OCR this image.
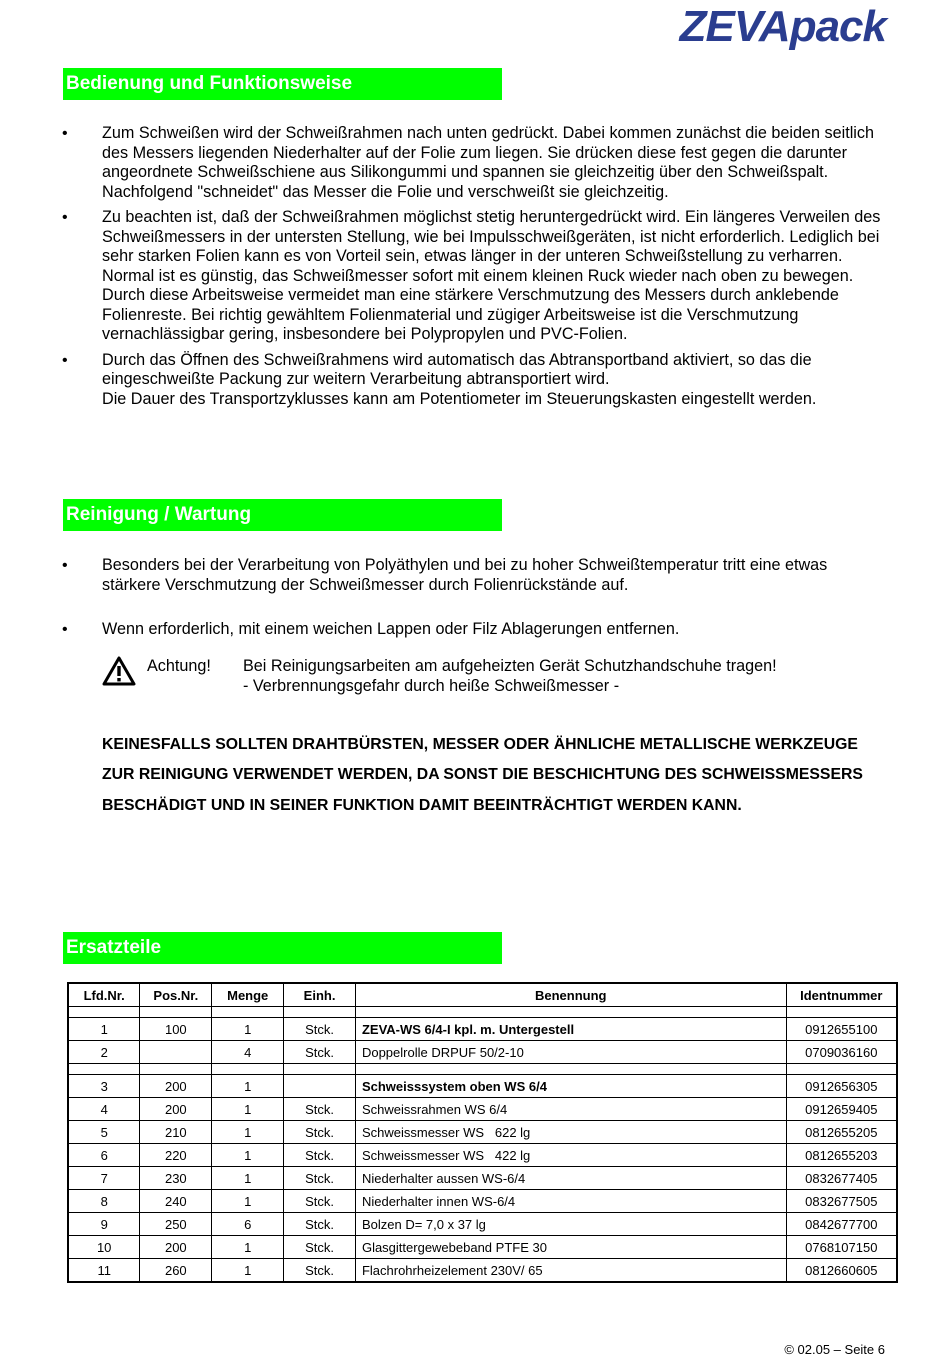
ZEVApack
Bedienung und Funktionsweise
• Zum Schweißen wird der Schweißrahmen nach unten gedrückt. Dabei kommen zunächst die beiden seitlich des Messers liegenden Niederhalter auf der Folie zum liegen. Sie drücken diese fest gegen die darunter angeordnete Schweißschiene aus Silikongummi und spannen sie gleichzeitig über den Schweißspalt. Nachfolgend "schneidet" das Messer die Folie und verschweißt sie gleichzeitig.
• Zu beachten ist, daß der Schweißrahmen möglichst stetig heruntergedrückt wird. Ein längeres Verweilen des Schweißmessers in der untersten Stellung, wie bei Impulsschweißgeräten, ist nicht erforderlich. Lediglich bei sehr starken Folien kann es von Vorteil sein, etwas länger in der unteren Schweißstellung zu verharren. Normal ist es günstig, das Schweißmesser sofort mit einem kleinen Ruck wieder nach oben zu bewegen. Durch diese Arbeitsweise vermeidet man eine stärkere Verschmutzung des Messers durch anklebende Folienreste. Bei richtig gewähltem Folienmaterial und zügiger Arbeitsweise ist die Verschmutzung vernachlässigbar gering, insbesondere bei Polypropylen und PVC-Folien.
• Durch das Öffnen des Schweißrahmens wird automatisch das Abtransportband aktiviert, so das die eingeschweißte Packung zur weitern Verarbeitung abtransportiert wird.
Die Dauer des Transportzyklusses kann am Potentiometer im Steuerungskasten eingestellt werden.
Reinigung / Wartung
• Besonders bei der Verarbeitung von Polyäthylen und bei zu hoher Schweißtemperatur tritt eine etwas stärkere Verschmutzung der Schweißmesser durch Folienrückstände auf.
• Wenn erforderlich, mit einem weichen Lappen oder Filz Ablagerungen entfernen.
Achtung! Bei Reinigungsarbeiten am aufgeheizten Gerät Schutzhandschuhe tragen!
- Verbrennungsgefahr durch heiße Schweißmesser -
KEINESFALLS SOLLTEN DRAHTBÜRSTEN, MESSER ODER ÄHNLICHE METALLISCHE WERKZEUGE ZUR REINIGUNG VERWENDET WERDEN, DA SONST DIE BESCHICHTUNG DES SCHWEISSMESSERS BESCHÄDIGT UND IN SEINER FUNKTION DAMIT BEEINTRÄCHTIGT WERDEN KANN.
Ersatzteile
Lfd.Nr.	Pos.Nr.	Menge	Einh.	Benennung	Identnummer

1	100	1	Stck.	ZEVA-WS 6/4-I kpl. m. Untergestell	0912655100
2		4	Stck.	Doppelrolle DRPUF 50/2-10	0709036160

3	200	1		Schweisssystem oben WS 6/4	0912656305
4	200	1	Stck.	Schweissrahmen WS 6/4	0912659405
5	210	1	Stck.	Schweissmesser WS   622 lg	0812655205
6	220	1	Stck.	Schweissmesser WS   422 lg	0812655203
7	230	1	Stck.	Niederhalter aussen WS-6/4	0832677405
8	240	1	Stck.	Niederhalter innen WS-6/4	0832677505
9	250	6	Stck.	Bolzen D= 7,0 x 37 lg	0842677700
10	200	1	Stck.	Glasgittergewebeband PTFE 30	0768107150
11	260	1	Stck.	Flachrohrheizelement 230V/ 65	0812660605
© 02.05 – Seite 6
